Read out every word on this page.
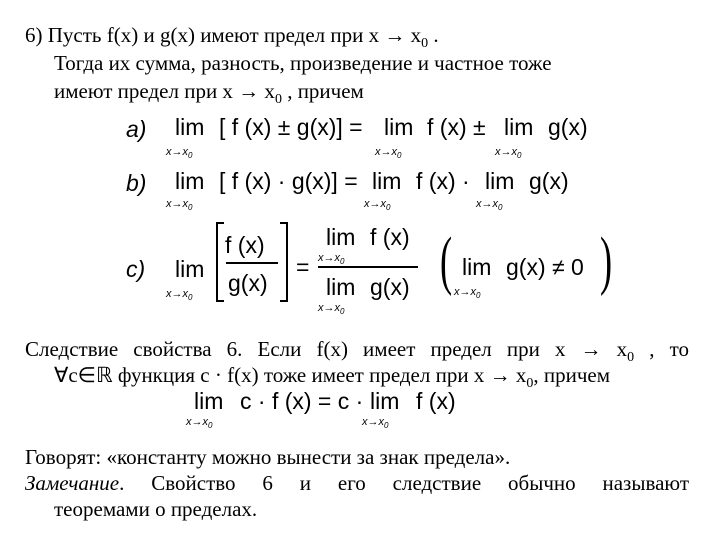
6) Пусть f(x) и g(x) имеют предел при $x \to x_0$ .
Тогда их сумма, разность, произведение и частное тоже
имеют предел при $x \to x_0$ , причем
a) lim
$x\to x_0$
[ f (x) ± g(x)] = lim
$x\to x_0$
f (x) ± lim
$x\to x_0$
g(x)
b) lim
$x\to x_0$
[ f (x) · g(x)] = lim
$x\to x_0$
f (x) · lim
$x\to x_0$
g(x)
c) lim
$x\to x_0$
f (x)
g(x)
=
lim
$x\to x_0$
f (x)
lim
$x\to x_0$
g(x) ( lim
$x\to x_0$
g(x) ≠ 0 )
Следствие свойства 6. Если f(x) имеет предел при $x \to x_0$ , то
∀c∈ℝ функция c · f(x) тоже имеет предел при $x \to x_0$, причем
lim
$x\to x_0$
c · f (x) = c · lim
$x\to x_0$
f (x)
Говорят: «константу можно вынести за знак предела».
Замечание. Свойство 6 и его следствие обычно называют
теоремами о пределах.
